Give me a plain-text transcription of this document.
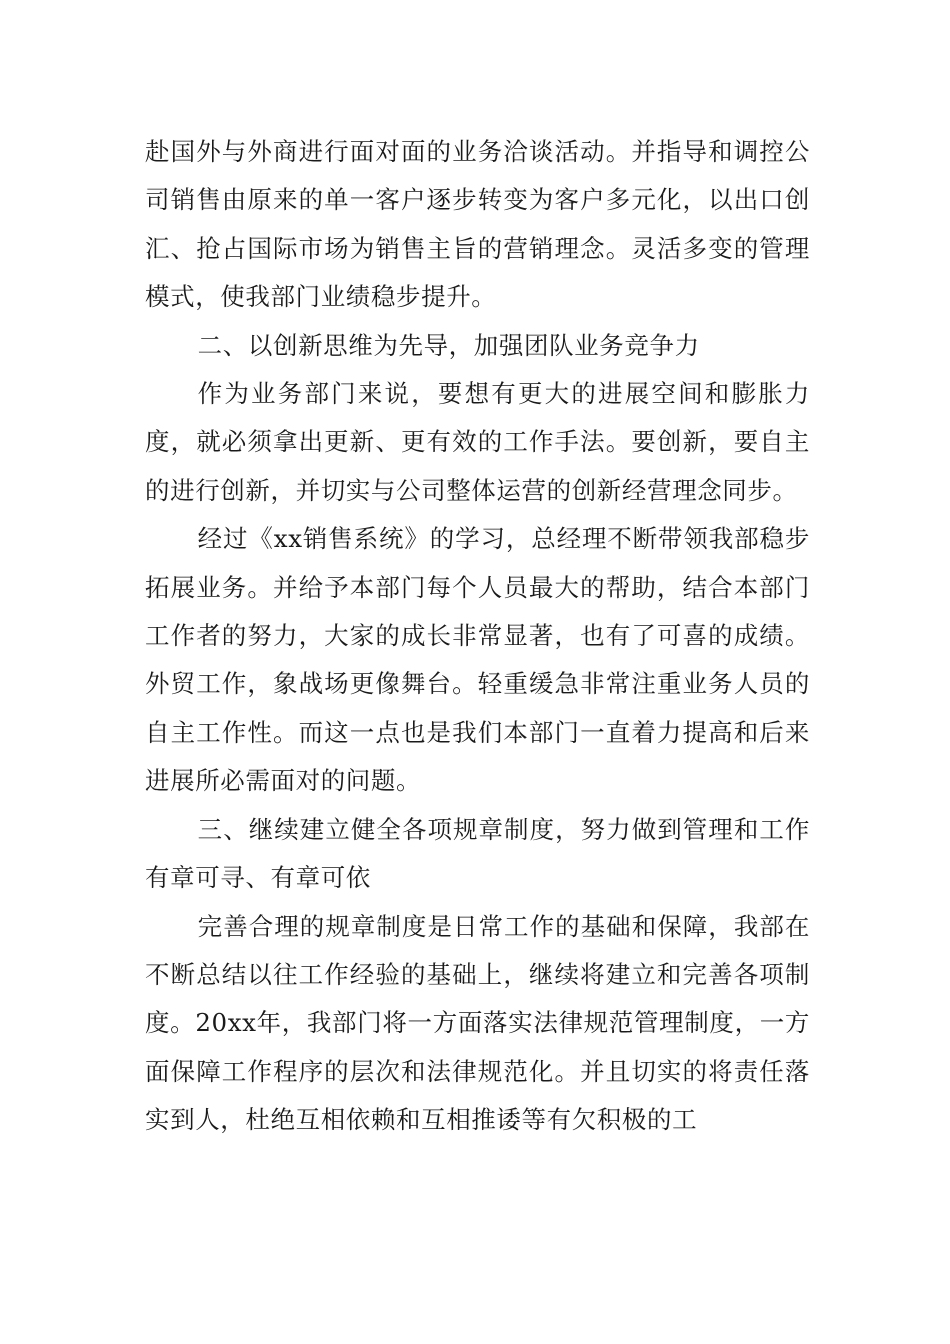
赴国外与外商进行面对面的业务洽谈活动。并指导和调控公司销售由原来的单一客户逐步转变为客户多元化，以出口创汇、抢占国际市场为销售主旨的营销理念。灵活多变的管理模式，使我部门业绩稳步提升。

二、以创新思维为先导，加强团队业务竞争力

作为业务部门来说，要想有更大的进展空间和膨胀力度，就必须拿出更新、更有效的工作手法。要创新，要自主的进行创新，并切实与公司整体运营的创新经营理念同步。

经过《xx销售系统》的学习，总经理不断带领我部稳步拓展业务。并给予本部门每个人员最大的帮助，结合本部门工作者的努力，大家的成长非常显著，也有了可喜的成绩。外贸工作，象战场更像舞台。轻重缓急非常注重业务人员的自主工作性。而这一点也是我们本部门一直着力提高和后来进展所必需面对的问题。

三、继续建立健全各项规章制度，努力做到管理和工作有章可寻、有章可依

完善合理的规章制度是日常工作的基础和保障，我部在不断总结以往工作经验的基础上，继续将建立和完善各项制度。20xx年，我部门将一方面落实法律规范管理制度，一方面保障工作程序的层次和法律规范化。并且切实的将责任落实到人，杜绝互相依赖和互相推诿等有欠积极的工
